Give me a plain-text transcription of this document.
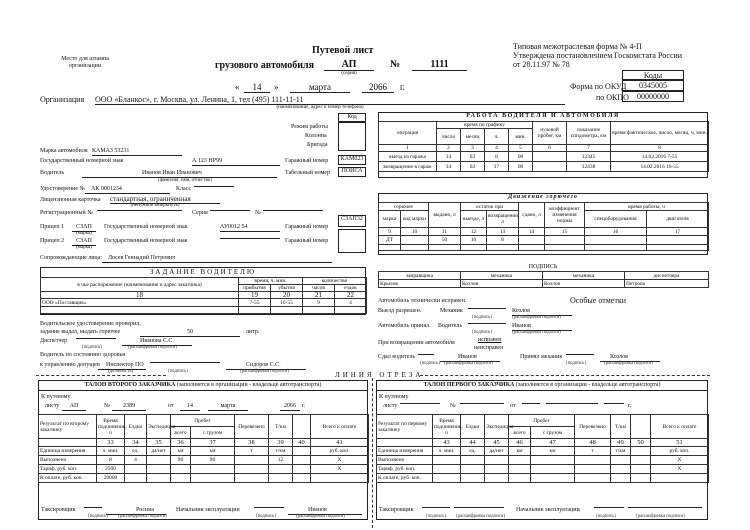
Место для штампа организации
Типовая межотраслевая форма № 4-П
Утверждена постановлением Госкомстата России
от 28.11.97 № 78
Путевой лист
грузового автомобиля	АП
(серия)
№	1111
«	14	»	марта	2066	г.
Коды
Форма по ОКУД	0345005
по ОКПО	00000000
Организация ООО «Бланкос», г. Москва, ул. Ленина, 1, тел (495) 111-11-11
(наименование, адрес и номер телефона)
Код
Режим работы
Колонна
Бригада
Марка автомобиля КАМАЗ 53231
Государственный номерной знак	А 123 НР99	Гаражный номер	КАМ023
Водитель	Иванов Иван Иванович
(фамилия, имя, отчество)
Табельный номер	ПОИСА
Удостоверение № АК 0001234	Класс
Лицензионная карточка стандартная, ограниченная
(ненужное зачеркнуть)
Регистрационный №	Серия	№
Прицеп 1	СЗАП
(марка)
Государственный номерной знак	АУ0012 54	Гаражный номер
СЗАП32
Прицеп 2	СЗАП
(марка)
Государственный номерной знак	Гаражный номер
Сопровождающие лица:	Лосев Геннадий Петрович
РАБОТА ВОДИТЕЛЯ И АВТОМОБИЛЯ
операция	время по графику				нулевой пробег, км	показание спидометра, км	время фактическое, число, месяц, ч, мин.
	число	месяц	ч.	мин.			
1	2	3	4	5	6	7	8
выезд из гаража	14	02	8	00		12345	14.02.2016 7-55
возвращение в гараж	14	02	17	00		12438	14.02.2016 16-55
Движение горючего
горючее		выдано, л	остаток при		сдано, л	коэффициент изменения нормы	время работы, ч	
марка	код марки		выезде, л	возвращении, л			спецоборудования	двигателя
9	10	11	12	13	14	15	16	17
ДТ		50	10	8				

ПОДПИСЬ
заправщика	механика	механика	диспетчера
Крылов	Козлов	Козлов	Петрова
Автомобиль технически исправен.	Особые отметки
Выезд разрешен.	Механик	Козлов
(подпись)	(расшифровка подписи)
Автомобиль принял. Водитель	Иванов
(подпись)	(расшифровка подписи)
При возвращении автомобиля	исправен
неисправен
Сдал водитель	Иванов	Принял механик	Козлов
(подпись) (расшифровка подписи)	(подпись)	(расшифровка подписи)
ЗАДАНИЕ ВОДИТЕЛЮ
в чье распоряжение (наименование и адрес заказчика)	время, ч. мин.		количество	
	прибытия	убытия	часов	ездок
18	19	20	21	22
ООО «Поставщик»	7-55	16-55	9	4

Водительское удостоверение проверил,
задание выдал, выдать горючее	50	литр.
Диспетчер	Иванова С.С.
(подпись)	(расшифровка подписи)
Водитель по состоянию здоровья
к управлению допущен	Инспектор ПО	Сидоров С.С.
(должность)	(подпись)	(расшифровка подписи)	ЛИНИЯ ОТРЕЗА
ТАЛОН ВТОРОГО ЗАКАЗЧИКА (заполняется в организации - владельце автотранспорта)
К путевому
листу	АП	№	2389	от	14	марта	2066	г.
Результат по второму заказчику	Время подчинения, ч	Ездки	Экспедиция	Пробег		Перевезено	Т/км		Всего к оплате
				всего	с грузом				
	33	34	35	36	37	38	39	40	41
Единица измерения	ч. мин.	ед.	да/нет	км	км	т	т/км		руб. коп.
Выполнено	8	4		90	90		12		X
Тариф, руб. коп.	2500								X
К оплате, руб. коп.	20000								
Таксировщик	Росина	Начальник эксплуатации	Иванов
(подпись) (расшифровка подписи)	(подпись)	(расшифровка подписи)
ТАЛОН ПЕРВОГО ЗАКАЗЧИКА (заполняется в организации - владельце автотранспорта)
К путевому
листу	№	от	г.
Результат по первому заказчику	Время подчинения, ч	Ездки	Экспедиция	Пробег		Перевезено	Т/км		Всего к оплате
				всего	с грузом				
	43	44	45	46	47	48	49	50	51
Единица измерения	ч. мин.	ед.	да/нет	км	км	т	т/км		руб. коп.
Выполнено									X
Тариф, руб. коп.									X
К оплате, руб. коп.									
Таксировщик	Начальник эксплуатации
(подпись) (расшифровка подписи)	(подпись)	(расшифровка подписи)
